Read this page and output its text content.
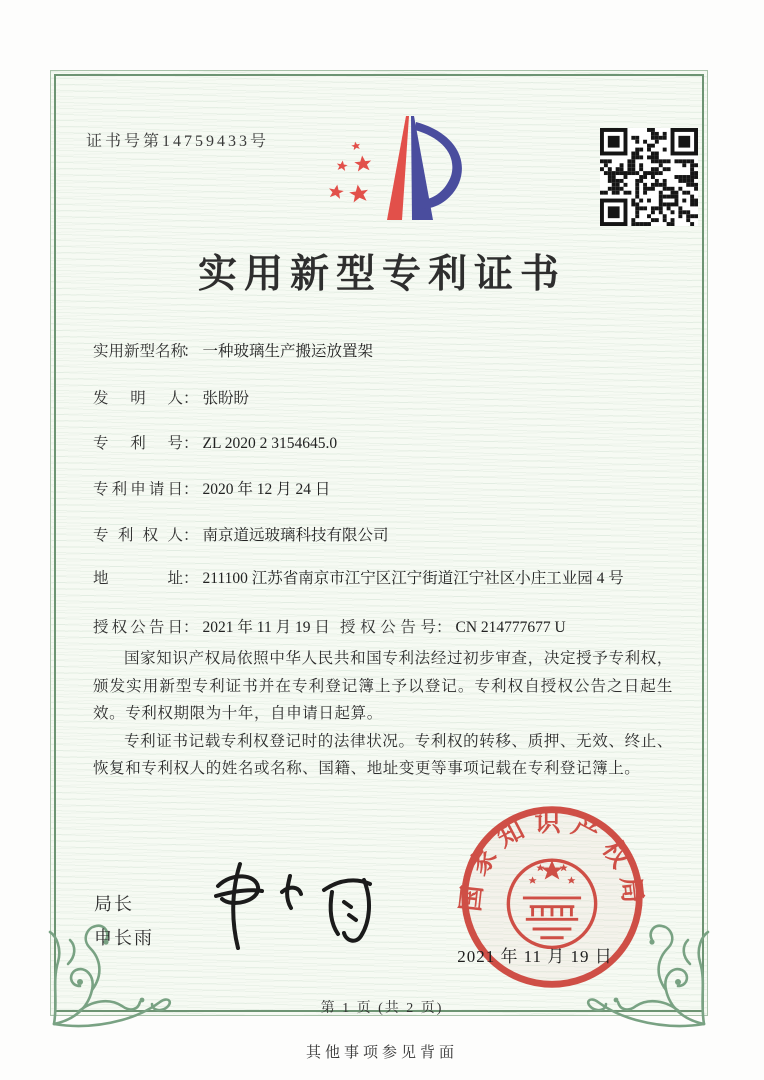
证书号第14759433号
实用新型专利证书
实用新型名称： 一种玻璃生产搬运放置架
发明人： 张盼盼
专利号： ZL 2020 2 3154645.0
专利申请日： 2020 年 12 月 24 日
专利权人： 南京道远玻璃科技有限公司
地址： 211100 江苏省南京市江宁区江宁街道江宁社区小庄工业园 4 号
授权公告日： 2021 年 11 月 19 日 授权公告号： CN 214777677 U

国家知识产权局依照中华人民共和国专利法经过初步审查，决定授予专利权，颁发实用新型专利证书并在专利登记簿上予以登记。专利权自授权公告之日起生效。专利权期限为十年，自申请日起算。

专利证书记载专利权登记时的法律状况。专利权的转移、质押、无效、终止、恢复和专利权人的姓名或名称、国籍、地址变更等事项记载在专利登记簿上。

局长
申长雨
国家知识产权局
2021 年 11 月 19 日
第 1 页 (共 2 页)
其他事项参见背面
